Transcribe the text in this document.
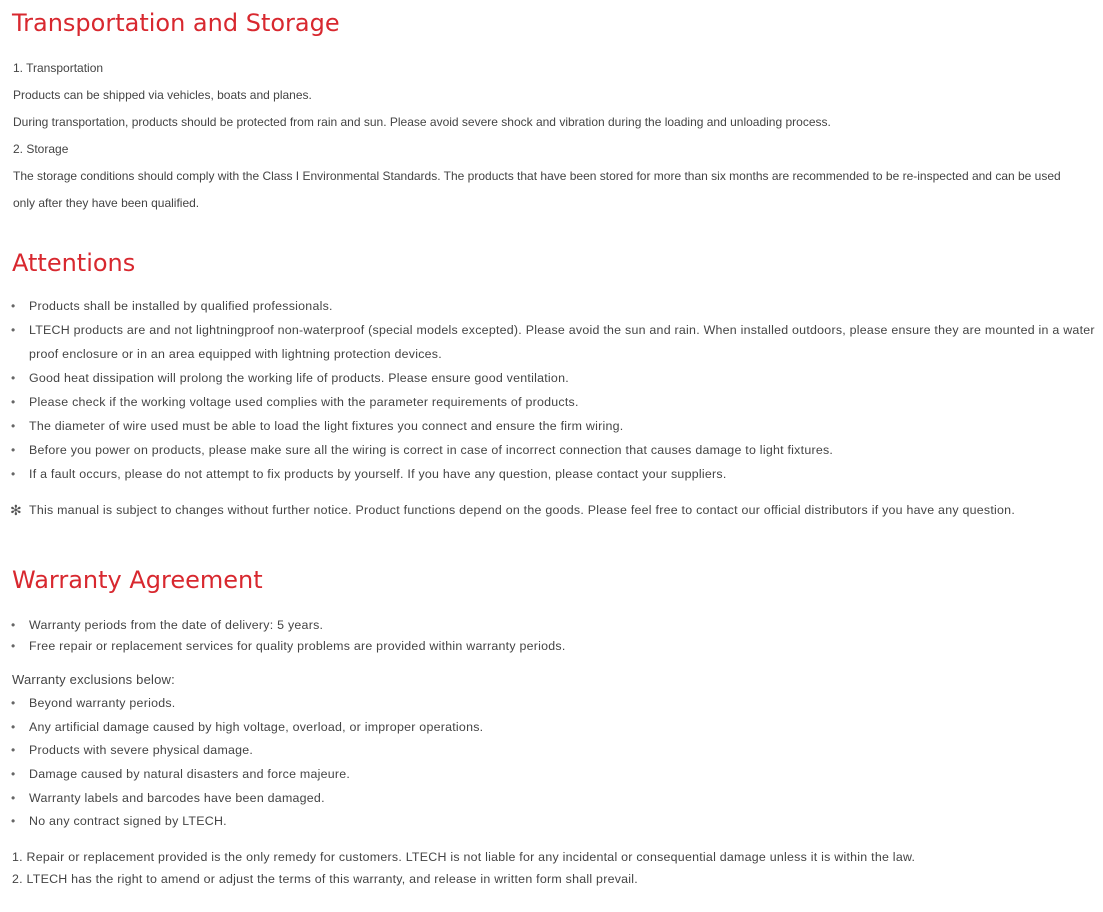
Transportation and Storage
1. Transportation
Products can be shipped via vehicles, boats and planes.
During transportation, products should be protected from rain and sun. Please avoid severe shock and vibration during the loading and unloading process.
2. Storage
The storage conditions should comply with the Class I Environmental Standards. The products that have been stored for more than six months are recommended to be re-inspected and can be used
only after they have been qualified.
Attentions
• Products shall be installed by qualified professionals.
• LTECH products are and not lightningproof non-waterproof (special models excepted). Please avoid the sun and rain. When installed outdoors, please ensure they are mounted in a water proof enclosure or in an area equipped with lightning protection devices.
• Good heat dissipation will prolong the working life of products. Please ensure good ventilation.
• Please check if the working voltage used complies with the parameter requirements of products.
• The diameter of wire used must be able to load the light fixtures you connect and ensure the firm wiring.
• Before you power on products, please make sure all the wiring is correct in case of incorrect connection that causes damage to light fixtures.
• If a fault occurs, please do not attempt to fix products by yourself. If you have any question, please contact your suppliers.
✻ This manual is subject to changes without further notice. Product functions depend on the goods. Please feel free to contact our official distributors if you have any question.
Warranty Agreement
• Warranty periods from the date of delivery: 5 years.
• Free repair or replacement services for quality problems are provided within warranty periods.
Warranty exclusions below:
• Beyond warranty periods.
• Any artificial damage caused by high voltage, overload, or improper operations.
• Products with severe physical damage.
• Damage caused by natural disasters and force majeure.
• Warranty labels and barcodes have been damaged.
• No any contract signed by LTECH.
1. Repair or replacement provided is the only remedy for customers. LTECH is not liable for any incidental or consequential damage unless it is within the law.
2. LTECH has the right to amend or adjust the terms of this warranty, and release in written form shall prevail.
